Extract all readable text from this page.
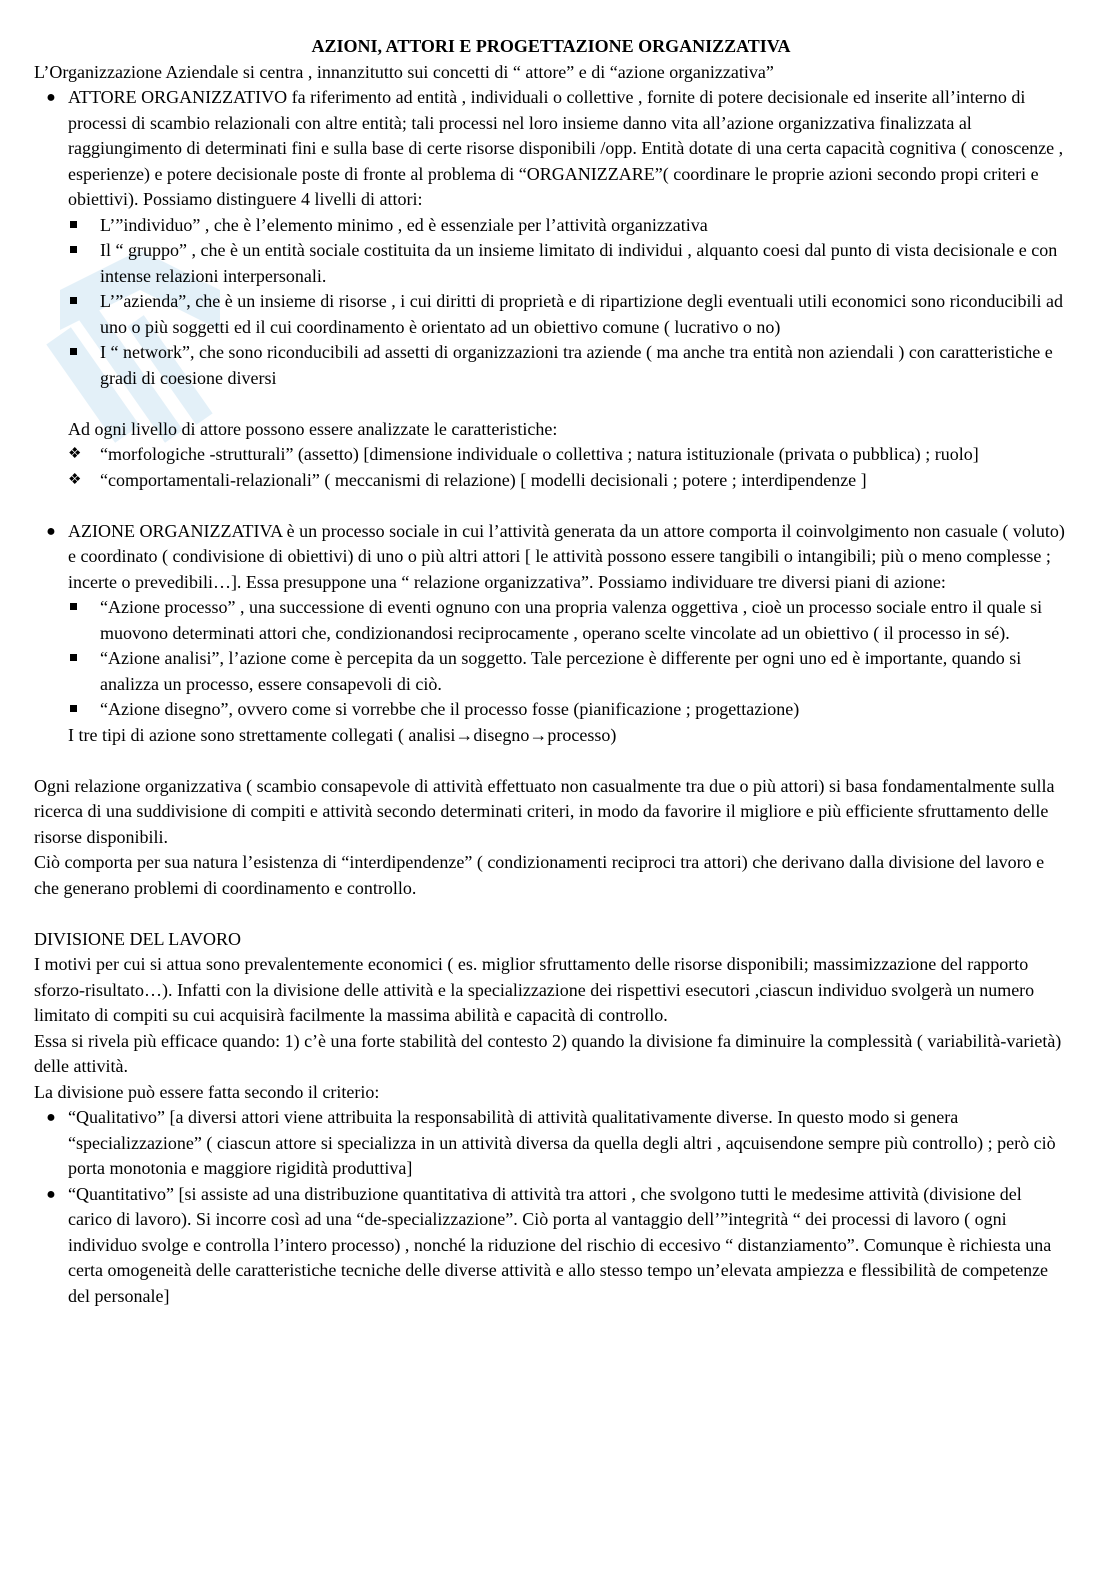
AZIONI, ATTORI E PROGETTAZIONE ORGANIZZATIVA

L’Organizzazione Aziendale si centra , innanzitutto sui concetti di “ attore” e di “azione organizzativa”

● ATTORE ORGANIZZATIVO fa riferimento ad entità , individuali o collettive , fornite di potere decisionale ed inserite all’interno di processi di scambio relazionali con altre entità; tali processi nel loro insieme danno vita all’azione organizzativa finalizzata al raggiungimento di determinati fini e sulla base di certe risorse disponibili /opp. Entità dotate di una certa capacità cognitiva ( conoscenze , esperienze) e potere decisionale poste di fronte al problema di “ORGANIZZARE”( coordinare le proprie azioni secondo propi criteri e obiettivi). Possiamo distinguere 4 livelli di attori:
L’”individuo” , che è l’elemento minimo , ed è essenziale per l’attività organizzativa
Il “ gruppo” , che è un entità sociale costituita da un insieme limitato di individui , alquanto coesi dal punto di vista decisionale e con intense relazioni interpersonali.
L’”azienda”, che è un insieme di risorse , i cui diritti di proprietà e di ripartizione degli eventuali utili economici sono riconducibili ad uno o più soggetti ed il cui coordinamento è orientato ad un obiettivo comune ( lucrativo o no)
I “ network”, che sono riconducibili ad assetti di organizzazioni tra aziende ( ma anche tra entità non aziendali ) con caratteristiche e gradi di coesione diversi

Ad ogni livello di attore possono essere analizzate le caratteristiche:

❖ “morfologiche -strutturali” (assetto) [dimensione individuale o collettiva ; natura istituzionale (privata o pubblica) ; ruolo]
❖ “comportamentali-relazionali” ( meccanismi di relazione) [ modelli decisionali ; potere ; interdipendenze ]
● AZIONE ORGANIZZATIVA è un processo sociale in cui l’attività generata da un attore comporta il coinvolgimento non casuale ( voluto) e coordinato ( condivisione di obiettivi) di uno o più altri attori [ le attività possono essere tangibili o intangibili; più o meno complesse ; incerte o prevedibili…]. Essa presuppone una “ relazione organizzativa”. Possiamo individuare tre diversi piani di azione:
“Azione processo” , una successione di eventi ognuno con una propria valenza oggettiva , cioè un processo sociale entro il quale si muovono determinati attori che, condizionandosi reciprocamente , operano scelte vincolate ad un obiettivo ( il processo in sé).
“Azione analisi”, l’azione come è percepita da un soggetto. Tale percezione è differente per ogni uno ed è importante, quando si analizza un processo, essere consapevoli di ciò.
“Azione disegno”, ovvero come si vorrebbe che il processo fosse (pianificazione ; progettazione)

I tre tipi di azione sono strettamente collegati ( analisi→disegno→processo)

Ogni relazione organizzativa ( scambio consapevole di attività effettuato non casualmente tra due o più attori) si basa fondamentalmente sulla ricerca di una suddivisione di compiti e attività secondo determinati criteri, in modo da favorire il migliore e più efficiente sfruttamento delle risorse disponibili.

Ciò comporta per sua natura l’esistenza di “interdipendenze” ( condizionamenti reciproci tra attori) che derivano dalla divisione del lavoro e che generano problemi di coordinamento e controllo.

DIVISIONE DEL LAVORO

I motivi per cui si attua sono prevalentemente economici ( es. miglior sfruttamento delle risorse disponibili; massimizzazione del rapporto sforzo-risultato…). Infatti con la divisione delle attività e la specializzazione dei rispettivi esecutori ,ciascun individuo svolgerà un numero limitato di compiti su cui acquisirà facilmente la massima abilità e capacità di controllo.

Essa si rivela più efficace quando: 1) c’è una forte stabilità del contesto 2) quando la divisione fa diminuire la complessità ( variabilità-varietà) delle attività.

La divisione può essere fatta secondo il criterio:

● “Qualitativo” [a diversi attori viene attribuita la responsabilità di attività qualitativamente diverse. In questo modo si genera “specializzazione” ( ciascun attore si specializza in un attività diversa da quella degli altri , aqcuisendone sempre più controllo) ; però ciò porta monotonia e maggiore rigidità produttiva]
● “Quantitativo” [si assiste ad una distribuzione quantitativa di attività tra attori , che svolgono tutti le medesime attività (divisione del carico di lavoro). Si incorre così ad una “de-specializzazione”. Ciò porta al vantaggio dell’”integrità “ dei processi di lavoro ( ogni individuo svolge e controlla l’intero processo) , nonché la riduzione del rischio di eccesivo “ distanziamento”. Comunque è richiesta una certa omogeneità delle caratteristiche tecniche delle diverse attività e allo stesso tempo un’elevata ampiezza e flessibilità de competenze del personale]
